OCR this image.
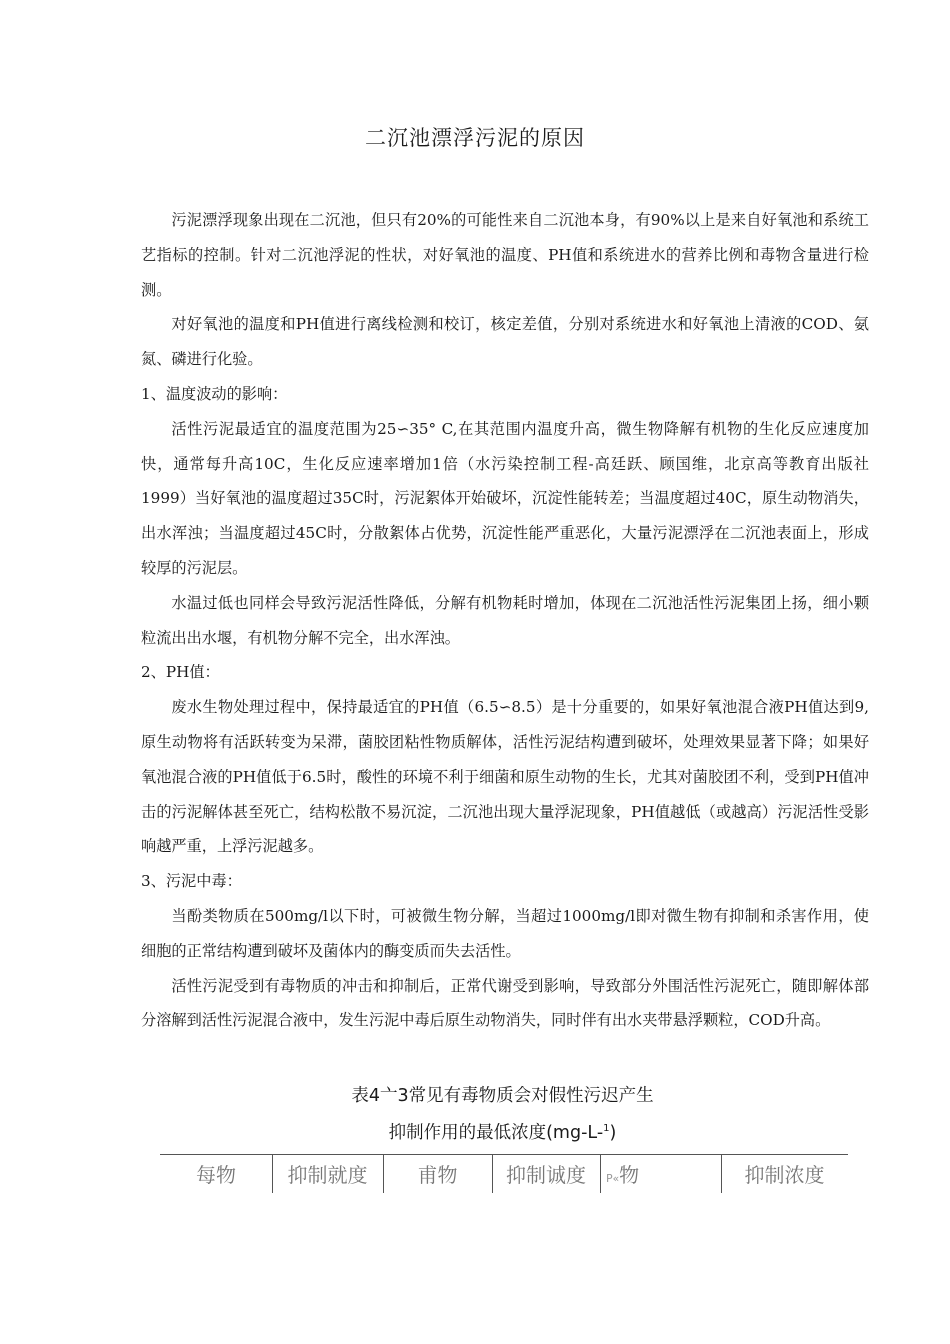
二沉池漂浮污泥的原因

污泥漂浮现象出现在二沉池，但只有20%的可能性来自二沉池本身，有90%以上是来自好氧池和系统工艺指标的控制。针对二沉池浮泥的性状，对好氧池的温度、PH值和系统进水的营养比例和毒物含量进行检测。

对好氧池的温度和PH值进行离线检测和校订，核定差值，分别对系统进水和好氧池上清液的COD、氨氮、磷进行化验。

1、温度波动的影响：

活性污泥最适宜的温度范围为25∽35° C,在其范围内温度升高，微生物降解有机物的生化反应速度加快，通常每升高10C，生化反应速率增加1倍（水污染控制工程-高廷跃、顾国维，北京高等教育出版社1999）当好氧池的温度超过35C时，污泥絮体开始破坏，沉淀性能转差；当温度超过40C，原生动物消失，出水浑浊；当温度超过45C时，分散絮体占优势，沉淀性能严重恶化，大量污泥漂浮在二沉池表面上，形成较厚的污泥层。

水温过低也同样会导致污泥活性降低，分解有机物耗时增加，体现在二沉池活性污泥集团上扬，细小颗粒流出出水堰，有机物分解不完全，出水浑浊。

2、PH值：

废水生物处理过程中，保持最适宜的PH值（6.5∽8.5）是十分重要的，如果好氧池混合液PH值达到9,原生动物将有活跃转变为呆滞，菌胶团粘性物质解体，活性污泥结构遭到破坏，处理效果显著下降；如果好氧池混合液的PH值低于6.5时，酸性的环境不利于细菌和原生动物的生长，尤其对菌胶团不利，受到PH值冲击的污泥解体甚至死亡，结构松散不易沉淀，二沉池出现大量浮泥现象，PH值越低（或越高）污泥活性受影响越严重，上浮污泥越多。

3、污泥中毒：

当酚类物质在500mg/l以下时，可被微生物分解，当超过1000mg/l即对微生物有抑制和杀害作用，使细胞的正常结构遭到破坏及菌体内的酶变质而失去活性。

活性污泥受到有毒物质的冲击和抑制后，正常代谢受到影响，导致部分外围活性污泥死亡，随即解体部分溶解到活性污泥混合液中，发生污泥中毒后原生动物消失，同时伴有出水夹带悬浮颗粒，COD升高。

表4亠3常见有毒物质会对假性污迟产生
抑制作用的最低浓度(mg-L-$^1$)
每物	抑制就度	甫物	抑制诚度	P«物	抑制浓度
